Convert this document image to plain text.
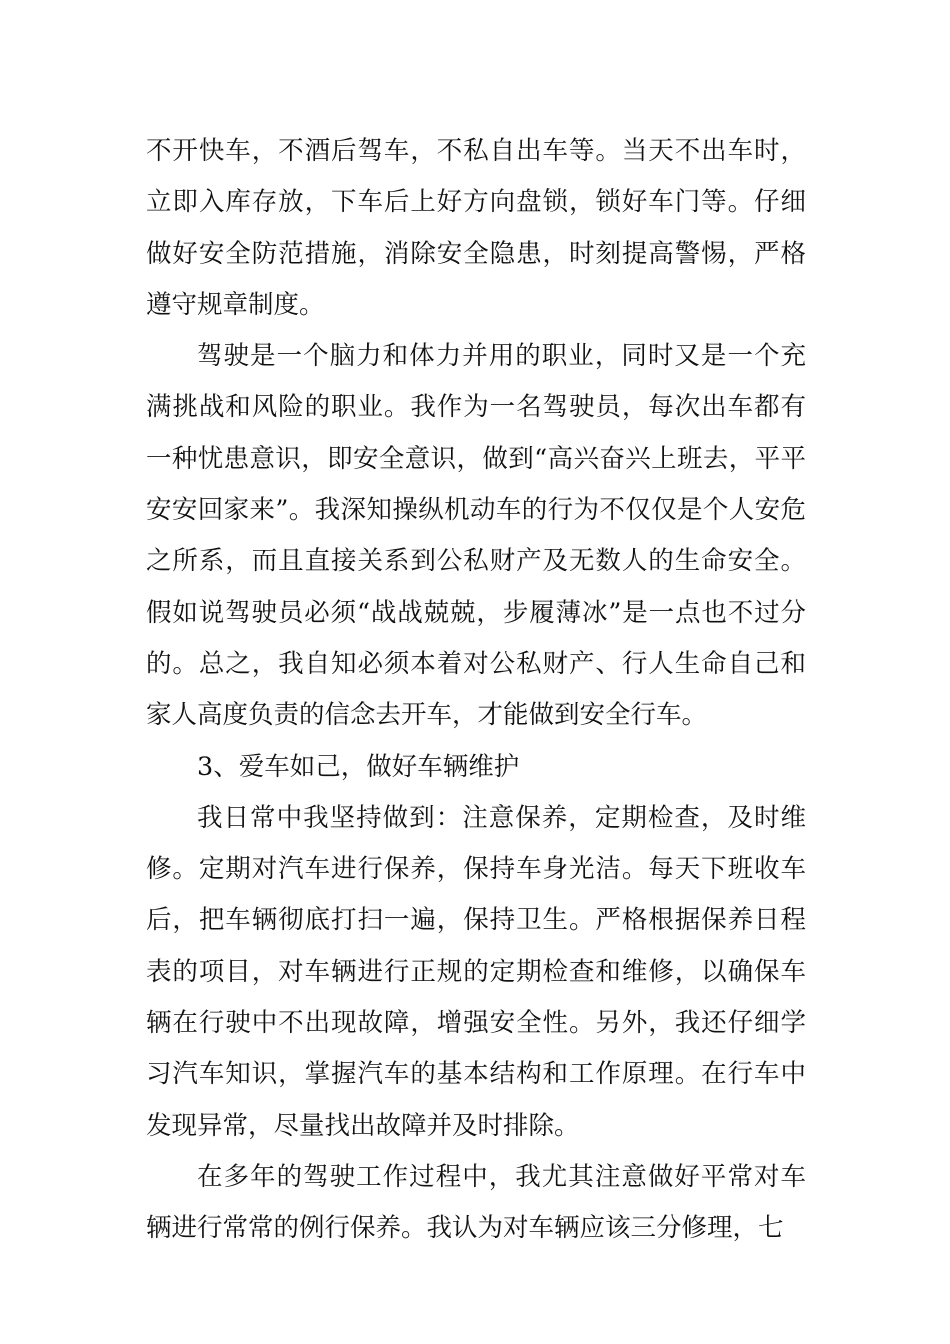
不开快车，不酒后驾车，不私自出车等。当天不出车时，立即入库存放，下车后上好方向盘锁，锁好车门等。仔细做好安全防范措施，消除安全隐患，时刻提高警惕，严格遵守规章制度。

驾驶是一个脑力和体力并用的职业，同时又是一个充满挑战和风险的职业。我作为一名驾驶员，每次出车都有一种忧患意识，即安全意识，做到“高兴奋兴上班去，平平安安回家来”。我深知操纵机动车的行为不仅仅是个人安危之所系，而且直接关系到公私财产及无数人的生命安全。假如说驾驶员必须“战战兢兢，步履薄冰”是一点也不过分的。总之，我自知必须本着对公私财产、行人生命自己和家人高度负责的信念去开车，才能做到安全行车。

3、爱车如己，做好车辆维护

我日常中我坚持做到：注意保养，定期检查，及时维修。定期对汽车进行保养，保持车身光洁。每天下班收车后，把车辆彻底打扫一遍，保持卫生。严格根据保养日程表的项目，对车辆进行正规的定期检查和维修，以确保车辆在行驶中不出现故障，增强安全性。另外，我还仔细学习汽车知识，掌握汽车的基本结构和工作原理。在行车中发现异常，尽量找出故障并及时排除。

在多年的驾驶工作过程中，我尤其注意做好平常对车辆进行常常的例行保养。我认为对车辆应该三分修理，七
